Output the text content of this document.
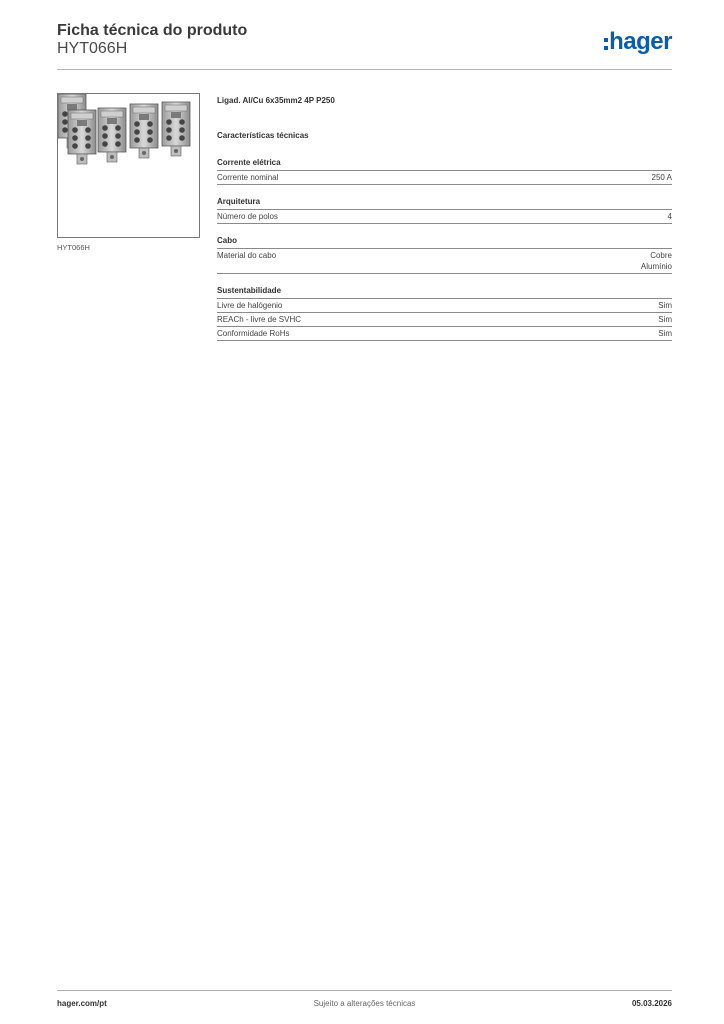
Ficha técnica do produto
HYT066H	hager
HYT066H
Ligad. Al/Cu 6x35mm2 4P P250
Características técnicas
Corrente elétrica
Corrente nominal	250 A
Arquitetura
Número de polos	4
Cabo
Material do cabo	Cobre
Alumínio
Sustentabilidade
Livre de halógenio	Sim
REACh - livre de SVHC	Sim
Conformidade RoHs	Sim
hager.com/pt	Sujeito a alterações técnicas	05.03.2026
